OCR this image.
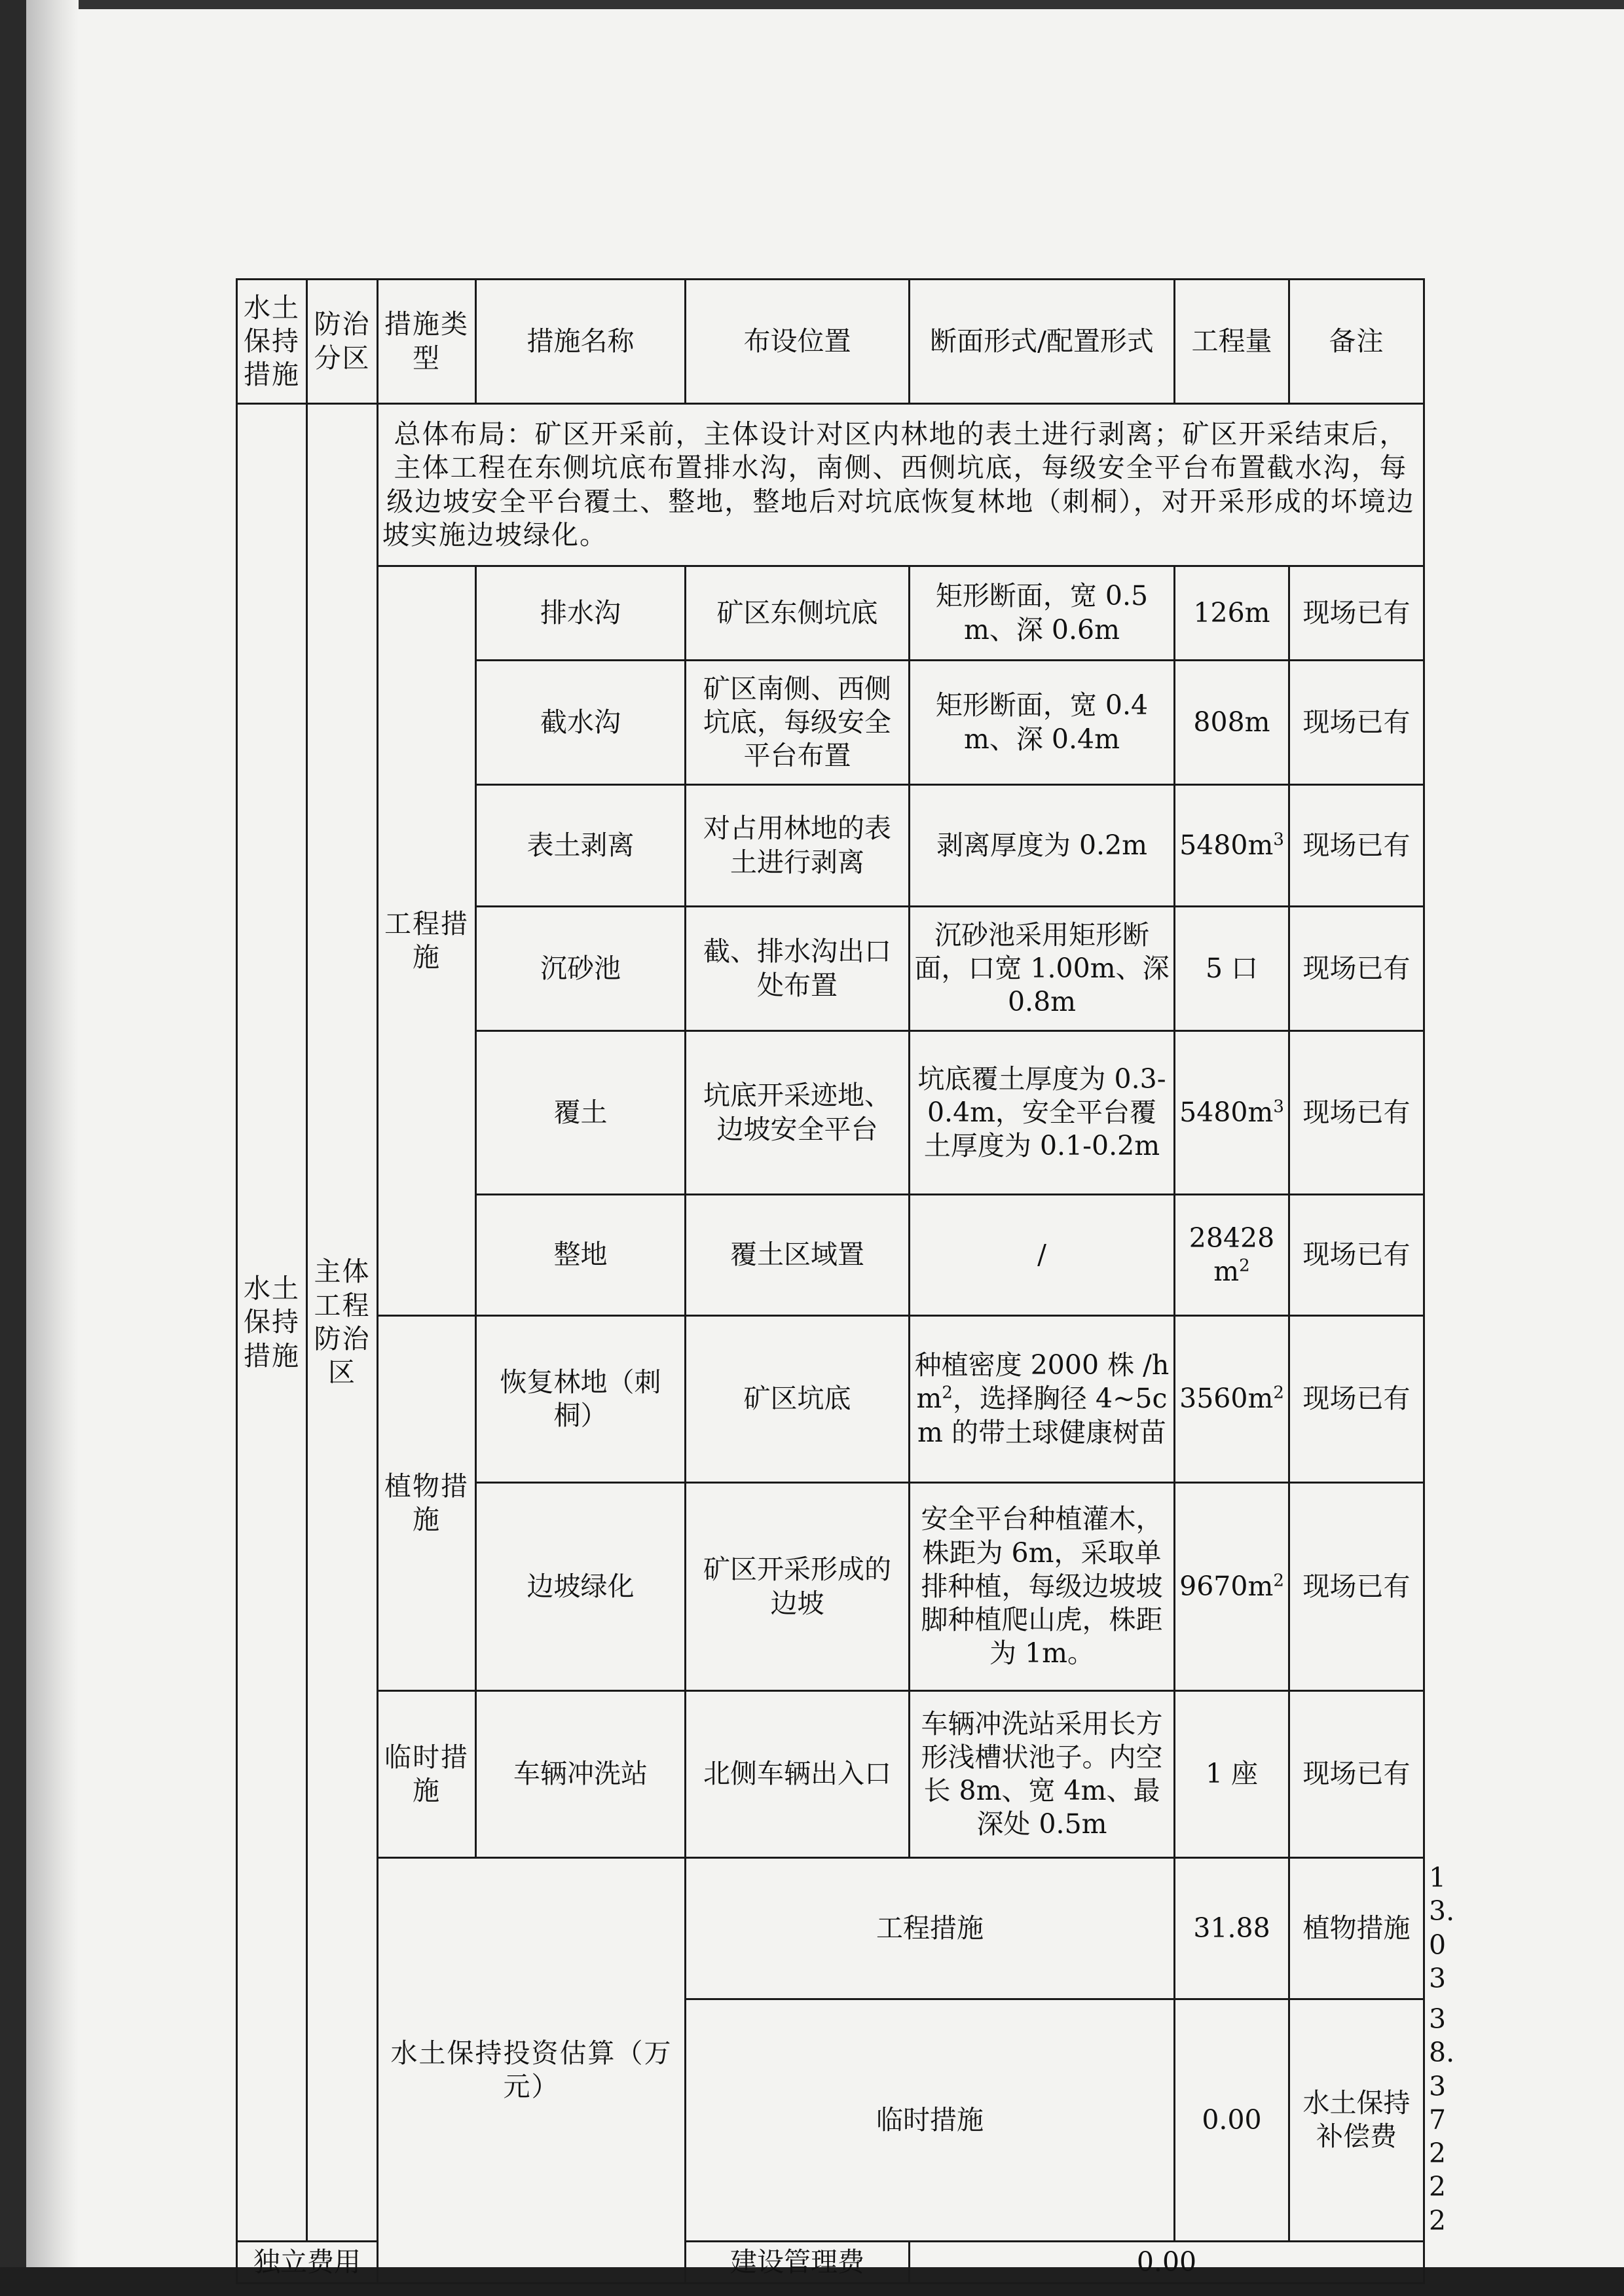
水土保持措施	防治分区	措施类型	措施名称	布设位置	断面形式/配置形式	工程量	备注	
水土保持措施	主体工程防治区	总体布局：矿区开采前，主体设计对区内林地的表土进行剥离；矿区开采结束后，主体工程在东侧坑底布置排水沟，南侧、西侧坑底，每级安全平台布置截水沟，每级边坡安全平台覆土、整地，整地后对坑底恢复林地（刺桐），对开采形成的坏境边坡实施边坡绿化。						
		工程措施	排水沟	矿区东侧坑底	矩形断面，宽 0.5m、深 0.6m	126m	现场已有	
			截水沟	矿区南侧、西侧坑底，每级安全平台布置	矩形断面，宽 0.4m、深 0.4m	808m	现场已有	
			表土剥离	对占用林地的表土进行剥离	剥离厚度为 0.2m	$5480m^3$	现场已有	
			沉砂池	截、排水沟出口处布置	沉砂池采用矩形断面，口宽 1.00m、深 0.8m	5 口	现场已有	
			覆土	坑底开采迹地、边坡安全平台	坑底覆土厚度为 0.3-0.4m，安全平台覆土厚度为 0.1-0.2m	$5480m^3$	现场已有	
			整地	覆土区域置	/	$28428m^2$	现场已有	
		植物措施	恢复林地（刺桐）	矿区坑底	种植密度 2000 株 $/hm^2$，选择胸径 4~5cm 的带土球健康树苗	$3560m^2$	现场已有	
			边坡绿化	矿区开采形成的边坡	安全平台种植灌木，株距为 6m，采取单排种植，每级边坡坡脚种植爬山虎，株距为 1m。	$9670m^2$	现场已有	
		临时措施	车辆冲洗站	北侧车辆出入口	车辆冲洗站采用长方形浅槽状池子。内空长 8m、宽 4m、最深处 0.5m	1 座	现场已有	
		水土保持投资估算（万元）		工程措施		31.88	植物措施	13.03
				临时措施		0.00	水土保持补偿费	38.37222
独立费用				建设管理费	0.00			
